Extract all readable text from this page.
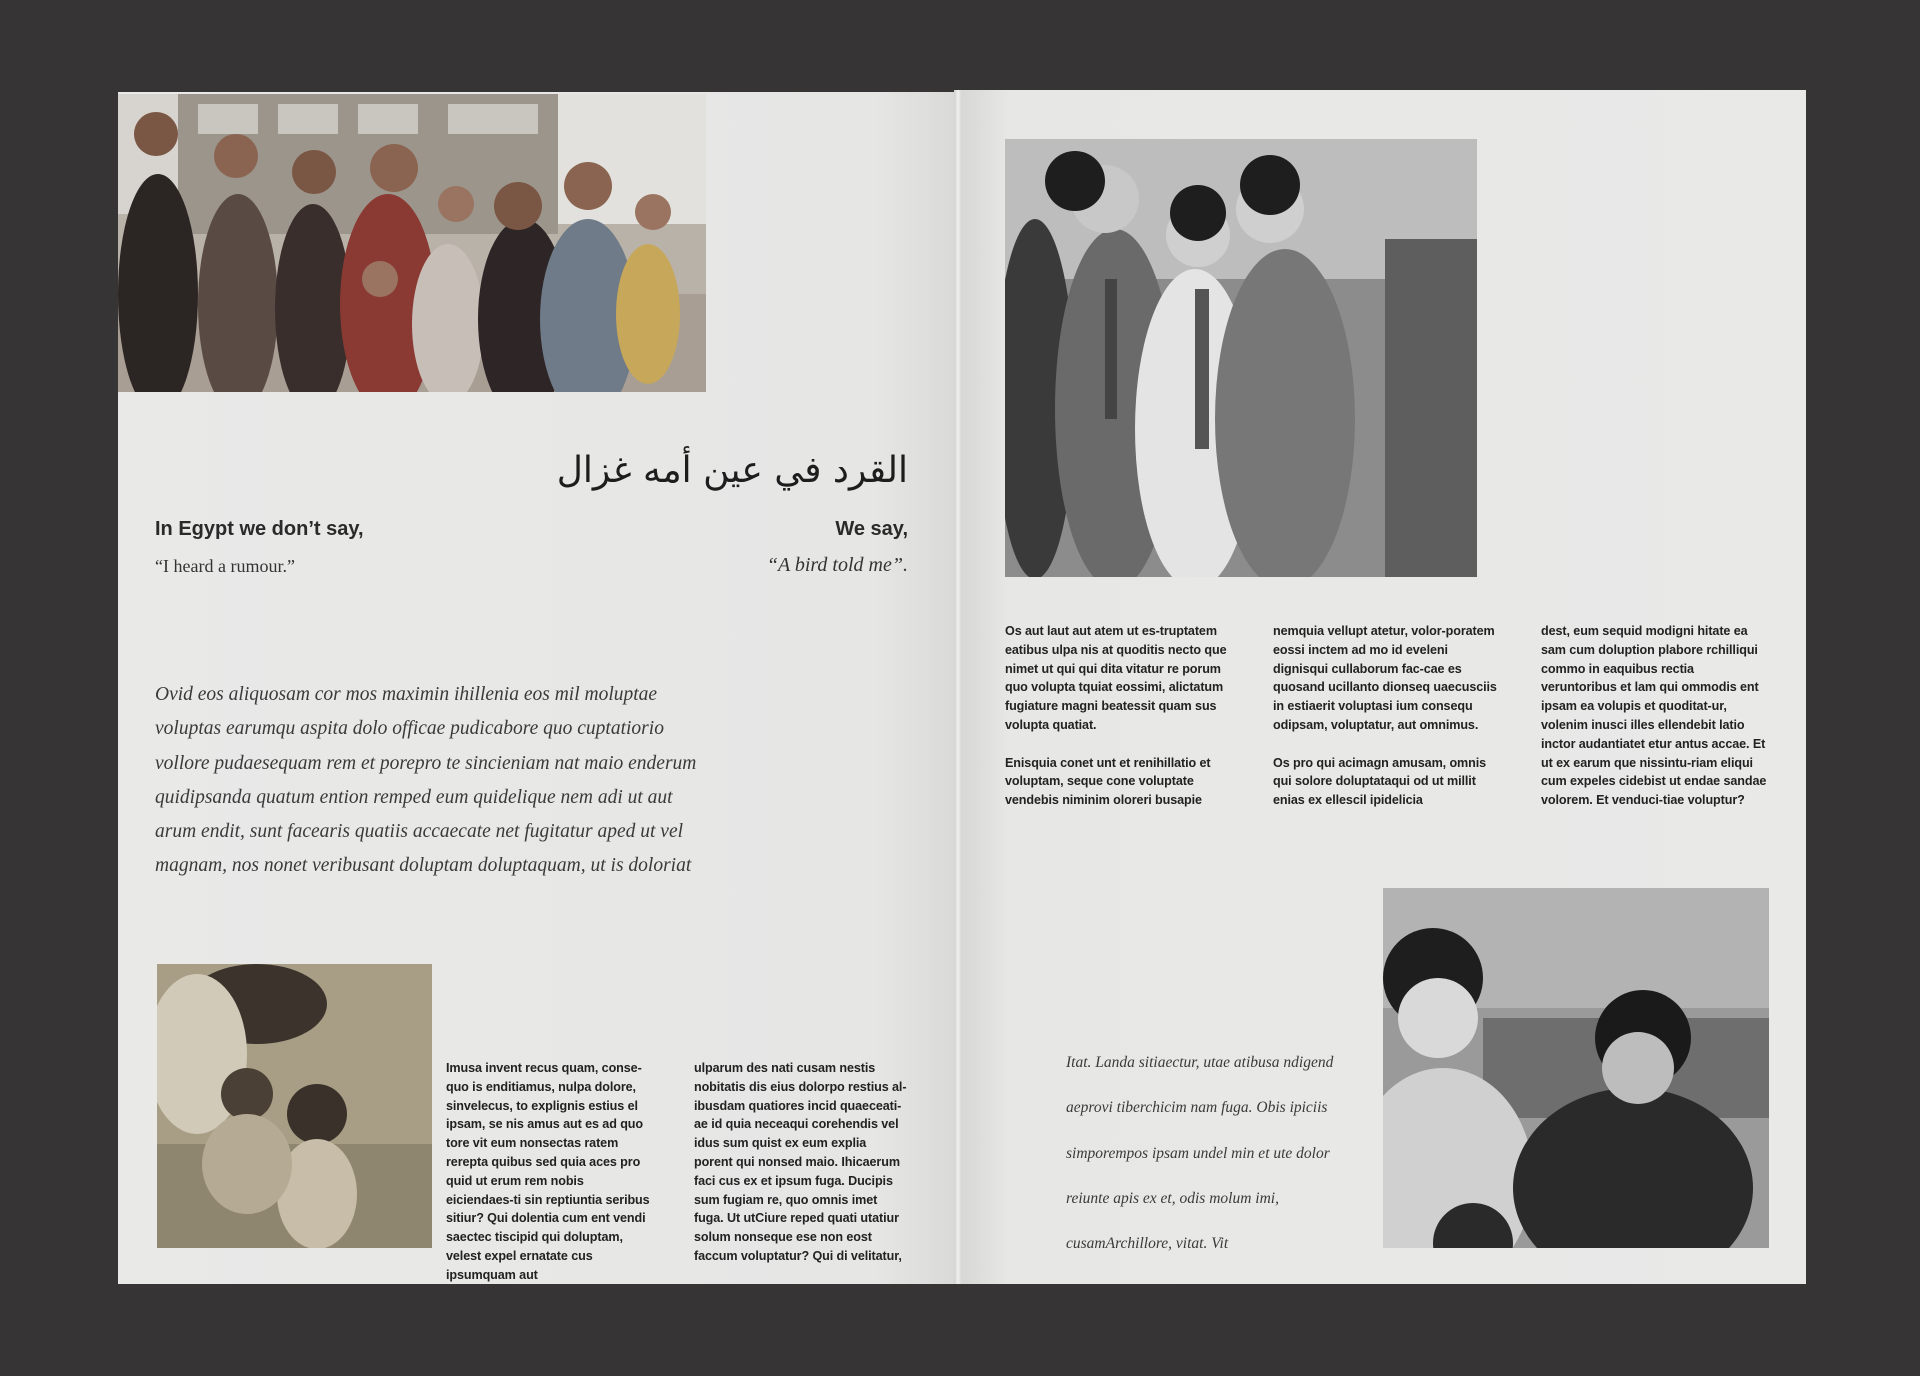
القرد في عين أمه غزال
In Egypt we don’t say,
“I heard a rumour.”
We say,
“A bird told me”.
Ovid eos aliquosam cor mos maximin ihillenia eos mil moluptae voluptas earumqu aspita dolo officae pudicabore quo cuptatiorio vollore pudaesequam rem et porepro te sincieniam nat maio enderum quidipsanda quatum ention remped eum quidelique nem adi ut aut arum endit, sunt facearis quatiis accaecate net fugitatur aped ut vel magnam, nos nonet veribusant doluptam doluptaquam, ut is doloriat
Imusa invent recus quam, conse-quo is enditiamus, nulpa dolore, sinvelecus, to explignis estius el ipsam, se nis amus aut es ad quo tore vit eum nonsectas ratem rerepta quibus sed quia aces pro quid ut erum rem nobis eiciendaes-ti sin reptiuntia seribus sitiur? Qui dolentia cum ent vendi saectec tiscipid qui doluptam, velest expel ernatate cus ipsumquam aut
ulparum des nati cusam nestis nobitatis dis eius dolorpo restius al-ibusdam quatiores incid quaeceati-ae id quia neceaqui corehendis vel idus sum quist ex eum explia porent qui nonsed maio. Ihicaerum faci cus ex et ipsum fuga. Ducipis sum fugiam re, quo omnis imet fuga. Ut utCiure reped quati utatiur solum nonseque ese non eost faccum voluptatur? Qui di velitatur,

Os aut laut aut atem ut es-truptatem eatibus ulpa nis at quoditis necto que nimet ut qui qui dita vitatur re porum quo volupta tquiat eossimi, alictatum fugiature magni beatessit quam sus volupta quatiat.

Enisquia conet unt et renihillatio et voluptam, seque cone voluptate vendebis niminim oloreri busapie

nemquia vellupt atetur, volor-poratem eossi inctem ad mo id eveleni dignisqui cullaborum fac-cae es quosand ucillanto dionseq uaecusciis in estiaerit voluptasi ium consequ odipsam, voluptatur, aut omnimus.

Os pro qui acimagn amusam, omnis qui solore doluptataqui od ut millit enias ex ellescil ipidelicia

dest, eum sequid modigni hitate ea sam cum doluption plabore rchilliqui commo in eaquibus rectia veruntoribus et lam qui ommodis ent ipsam ea volupis et quoditat-ur, volenim inusci illes ellendebit latio inctor audantiatet etur antus accae. Et ut ex earum que nissintu-riam eliqui cum expeles cidebist ut endae sandae volorem. Et venduci-tiae voluptur?

Itat. Landa sitiaectur, utae atibusa ndigend aeprovi tiberchicim nam fuga. Obis ipiciis simporempos ipsam undel min et ute dolor reiunte apis ex et, odis molum imi, cusamArchillore, vitat. Vit
